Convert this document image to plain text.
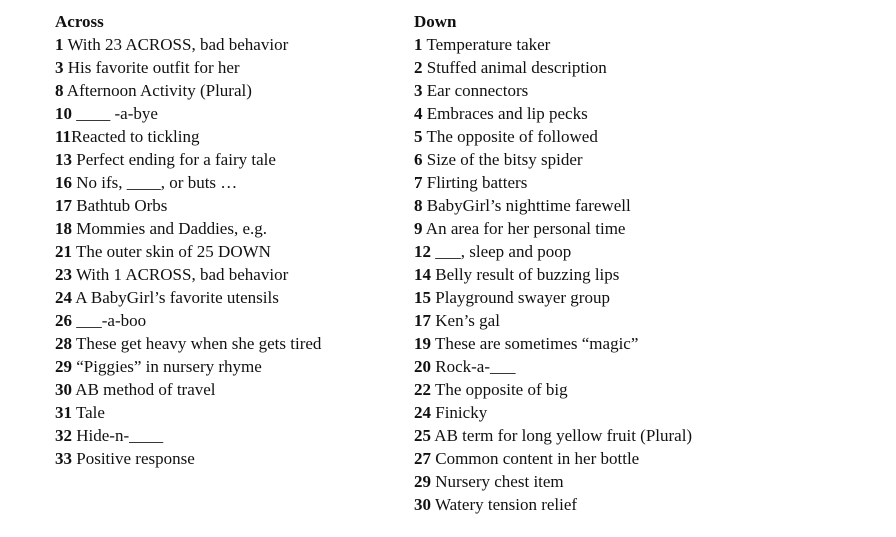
Across
1 With 23 ACROSS, bad behavior
3 His favorite outfit for her
8 Afternoon Activity (Plural)
10 ____ -a-bye
11Reacted to tickling
13 Perfect ending for a fairy tale
16 No ifs, ____, or buts …
17 Bathtub Orbs
18 Mommies and Daddies, e.g.
21 The outer skin of 25 DOWN
23 With 1 ACROSS, bad behavior
24 A BabyGirl’s favorite utensils
26 ___-a-boo
28 These get heavy when she gets tired
29 “Piggies” in nursery rhyme
30 AB method of travel
31 Tale
32 Hide-n-____
33 Positive response
Down
1 Temperature taker
2 Stuffed animal description
3 Ear connectors
4 Embraces and lip pecks
5 The opposite of followed
6 Size of the bitsy spider
7 Flirting batters
8 BabyGirl’s nighttime farewell
9 An area for her personal time
12 ___, sleep and poop
14 Belly result of buzzing lips
15 Playground swayer group
17 Ken’s gal
19 These are sometimes “magic”
20 Rock-a-___
22 The opposite of big
24 Finicky
25 AB term for long yellow fruit (Plural)
27 Common content in her bottle
29 Nursery chest item
30 Watery tension relief
